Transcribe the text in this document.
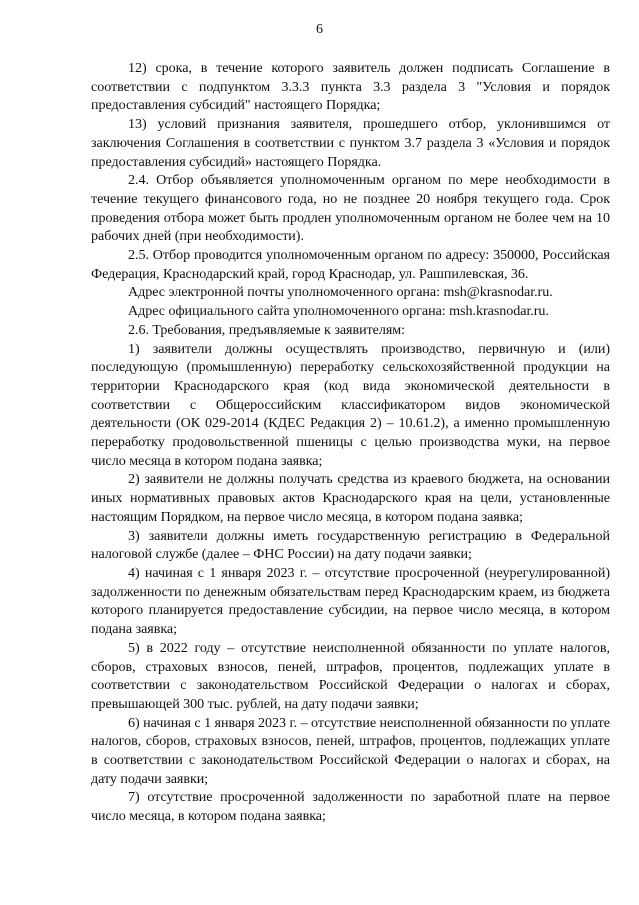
6

12) срока, в течение которого заявитель должен подписать Соглашение в соответствии с подпунктом 3.3.3 пункта 3.3 раздела 3 "Условия и порядок предоставления субсидий" настоящего Порядка;

13) условий признания заявителя, прошедшего отбор, уклонившимся от заключения Соглашения в соответствии с пунктом 3.7 раздела 3 «Условия и порядок предоставления субсидий» настоящего Порядка.

2.4. Отбор объявляется уполномоченным органом по мере необходимости в течение текущего финансового года, но не позднее 20 ноября текущего года. Срок проведения отбора может быть продлен уполномоченным органом не более чем на 10 рабочих дней (при необходимости).

2.5. Отбор проводится уполномоченным органом по адресу: 350000, Российская Федерация, Краснодарский край, город Краснодар, ул. Рашпилевская, 36.

Адрес электронной почты уполномоченного органа: msh@krasnodar.ru.

Адрес официального сайта уполномоченного органа: msh.krasnodar.ru.

2.6. Требования, предъявляемые к заявителям:

1) заявители должны осуществлять производство, первичную и (или) последующую (промышленную) переработку сельскохозяйственной продукции на территории Краснодарского края (код вида экономической деятельности в соответствии с Общероссийским классификатором видов экономической деятельности (ОК 029-2014 (КДЕС Редакция 2) – 10.61.2), а именно промышленную переработку продовольственной пшеницы с целью производства муки, на первое число месяца в котором подана заявка;

2) заявители не должны получать средства из краевого бюджета, на основании иных нормативных правовых актов Краснодарского края на цели, установленные настоящим Порядком, на первое число месяца, в котором подана заявка;

3) заявители должны иметь государственную регистрацию в Федеральной налоговой службе (далее – ФНС России) на дату подачи заявки;

4) начиная с 1 января 2023 г. – отсутствие просроченной (неурегулированной) задолженности по денежным обязательствам перед Краснодарским краем, из бюджета которого планируется предоставление субсидии, на первое число месяца, в котором подана заявка;

5) в 2022 году – отсутствие неисполненной обязанности по уплате налогов, сборов, страховых взносов, пеней, штрафов, процентов, подлежащих уплате в соответствии с законодательством Российской Федерации о налогах и сборах, превышающей 300 тыс. рублей, на дату подачи заявки;

6) начиная с 1 января 2023 г. – отсутствие неисполненной обязанности по уплате налогов, сборов, страховых взносов, пеней, штрафов, процентов, подлежащих уплате в соответствии с законодательством Российской Федерации о налогах и сборах, на дату подачи заявки;

7) отсутствие просроченной задолженности по заработной плате на первое число месяца, в котором подана заявка;
